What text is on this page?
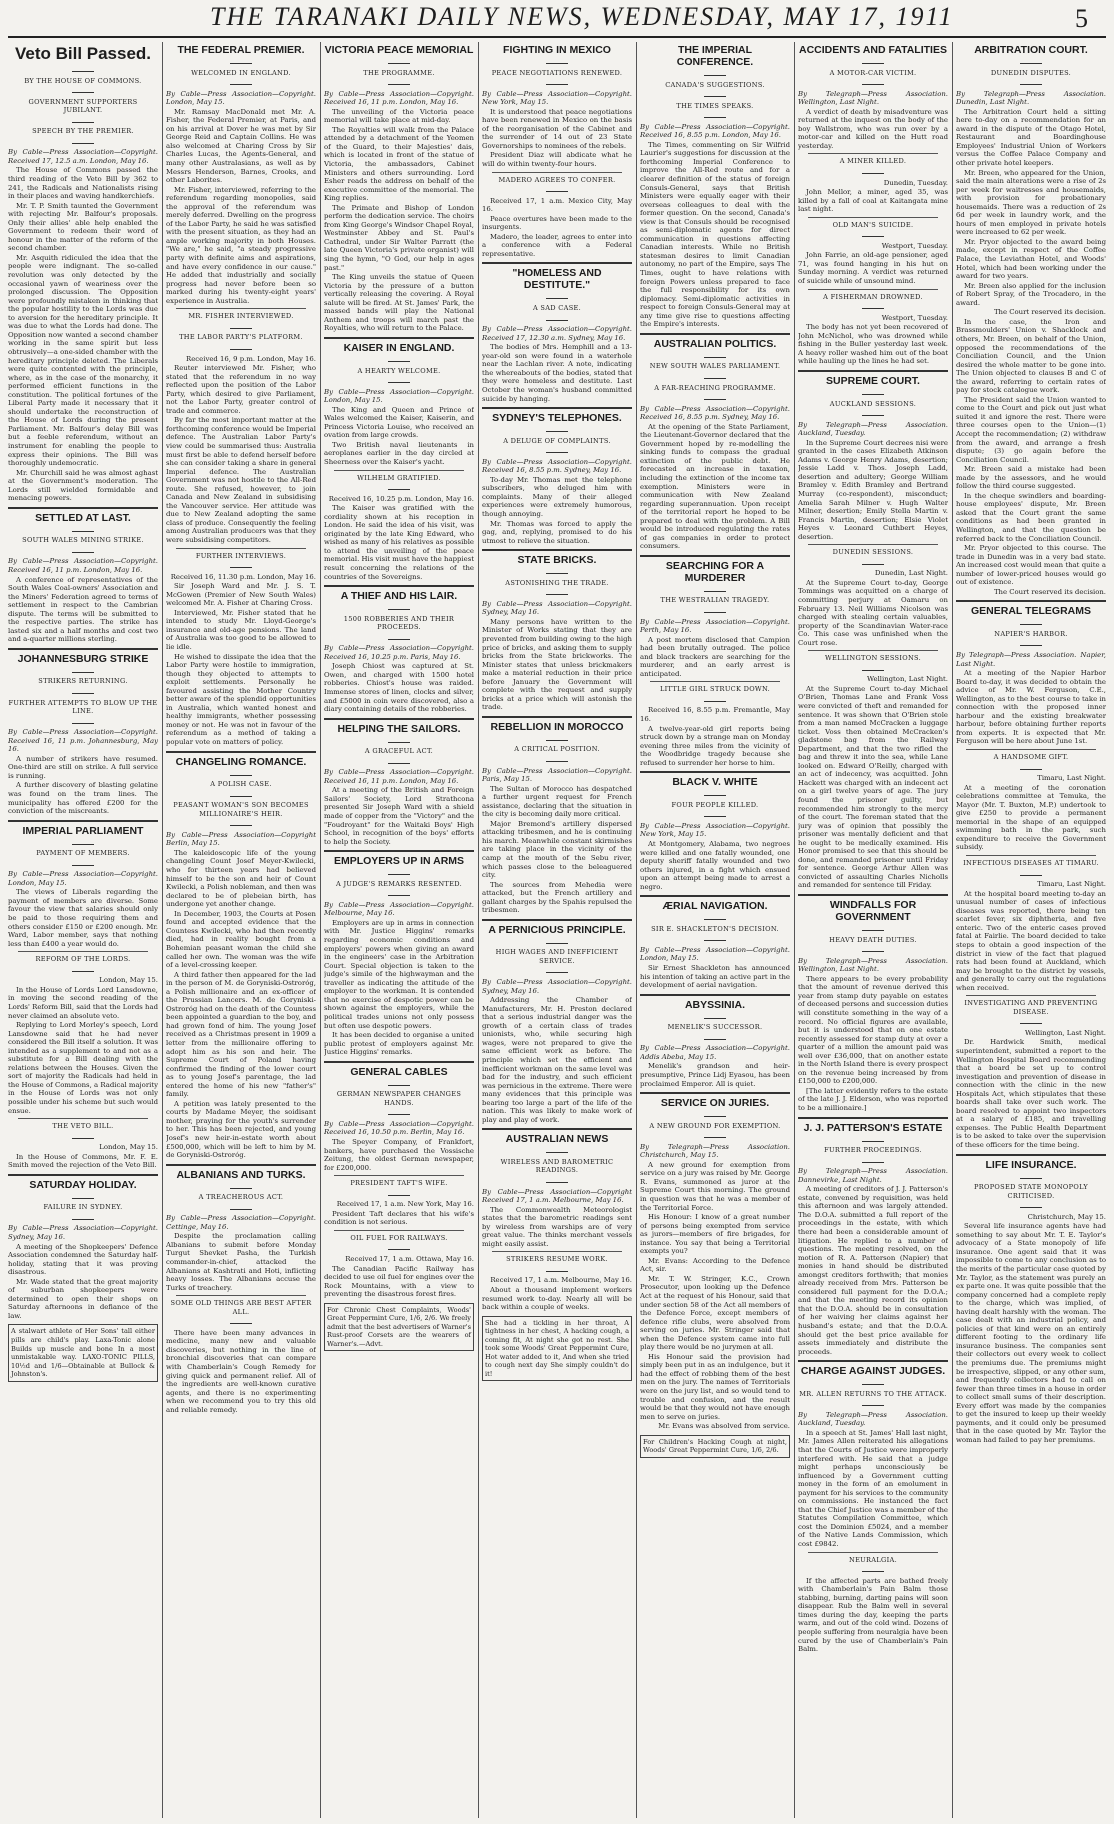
THE TARANAKI DAILY NEWS, WEDNESDAY, MAY 17, 1911	5
Veto Bill Passed.
BY THE HOUSE OF COMMONS.
GOVERNMENT SUPPORTERS JUBILANT.
SPEECH BY THE PREMIER.

By Cable—Press Association—Copyright. Received 17, 12.5 a.m. London, May 16.

The House of Commons passed the third reading of the Veto Bill by 362 to 241, the Radicals and Nationalists rising in their places and waving handkerchiefs.

Mr. T. P. Smith taunted the Government with rejecting Mr. Balfour's proposals. Only their allies' able help enabled the Government to redeem their word of honour in the matter of the reform of the second chamber.

Mr. Asquith ridiculed the idea that the people were indignant. The so-called revolution was only detected by the occasional yawn of weariness over the prolonged discussion. The Opposition were profoundly mistaken in thinking that the popular hostility to the Lords was due to aversion for the hereditary principle. It was due to what the Lords had done. The Opposition now wanted a second chamber working in the same spirit but less obtrusively—a one-sided chamber with the hereditary principle deleted. The Liberals were quite contented with the principle, where, as in the case of the monarchy, it performed efficient functions in the constitution. The political fortunes of the Liberal Party made it necessary that it should undertake the reconstruction of the House of Lords during the present Parliament. Mr. Balfour's delay Bill was but a feeble referendum, without an instrument for enabling the people to express their opinions. The Bill was thoroughly undemocratic.

Mr. Churchill said he was almost aghast at the Government's moderation. The Lords still wielded formidable and menacing powers.

SETTLED AT LAST.
SOUTH WALES MINING STRIKE.

By Cable—Press Association—Copyright. Received 16, 11 p.m. London, May 16.

A conference of representatives of the South Wales Coal-owners' Association and the Miners' Federation agreed to terms of settlement in respect to the Cambrian dispute. The terms will be submitted to the respective parties. The strike has lasted six and a half months and cost two and a-quarter millions sterling.

JOHANNESBURG STRIKE
STRIKERS RETURNING.
FURTHER ATTEMPTS TO BLOW UP THE LINE.

By Cable—Press Association—Copyright. Received 16, 11 p.m. Johannesburg, May 16.

A number of strikers have resumed. One-third are still on strike. A full service is running.

A further discovery of blasting gelatine was found on the tram lines. The municipality has offered £200 for the conviction of the miscreants.

IMPERIAL PARLIAMENT
PAYMENT OF MEMBERS.

By Cable—Press Association—Copyright. London, May 15.

The views of Liberals regarding the payment of members are diverse. Some favour the view that salaries should only be paid to those requiring them and others consider £150 or £200 enough. Mr. Ward, Labor member, says that nothing less than £400 a year would do.

REFORM OF THE LORDS.

London, May 15.

In the House of Lords Lord Lansdowne, in moving the second reading of the Lords' Reform Bill, said that the Lords had never claimed an absolute veto.

Replying to Lord Morley's speech, Lord Lansdowne said that he had never considered the Bill itself a solution. It was intended as a supplement to and not as a substitute for a Bill dealing with the relations between the Houses. Given the sort of majority the Radicals had held in the House of Commons, a Radical majority in the House of Lords was not only possible under his scheme but such would ensue.

THE VETO BILL.

London, May 15.

In the House of Commons, Mr. F. E. Smith moved the rejection of the Veto Bill.

SATURDAY HOLIDAY.
FAILURE IN SYDNEY.

By Cable—Press Association—Copyright. Sydney, May 16.

A meeting of the Shopkeepers' Defence Association condemned the Saturday half-holiday, stating that it was proving disastrous.

Mr. Wade stated that the great majority of suburban shopkeepers were determined to open their shops on Saturday afternoons in defiance of the law.

A stalwart athlete of Her Sons' tall either pills are child's play. Laxa-Tonic alone Builds up muscle and bone In a most unmistakable way. LAXO-TONIC PILLS, 10½d and 1/6—Obtainable at Bullock & Johnston's.
THE FEDERAL PREMIER.
WELCOMED IN ENGLAND.

By Cable—Press Association—Copyright. London, May 15.

Mr. Ramsay MacDonald met Mr. A. Fisher, the Federal Premier, at Paris, and on his arrival at Dover he was met by Sir George Reid and Captain Collins. He was also welcomed at Charing Cross by Sir Charles Lucas, the Agents-General, and many other Australasians, as well as by Messrs Henderson, Barnes, Crooks, and other Laborites.

Mr. Fisher, interviewed, referring to the referendum regarding monopolies, said the approval of the referendum was merely deferred. Dwelling on the progress of the Labor Party, he said he was satisfied with the present situation, as they had an ample working majority in both Houses. "We are," he said, "a steady progressive party with definite aims and aspirations, and have every confidence in our cause." He added that industrially and socially progress had never before been so marked during his twenty-eight years' experience in Australia.

MR. FISHER INTERVIEWED.
THE LABOR PARTY'S PLATFORM.

Received 16, 9 p.m. London, May 16.

Reuter interviewed Mr. Fisher, who stated that the referendum in no way reflected upon the position of the Labor Party, which desired to give Parliament, not the Labor Party, greater control of trade and commerce.

By far the most important matter at the forthcoming conference would be Imperial defence. The Australian Labor Party's view could be summarised thus: Australia must first be able to defend herself before she can consider taking a share in general Imperial defence. The Australian Government was not hostile to the All-Red route. She refused, however, to join Canada and New Zealand in subsidising the Vancouver service. Her attitude was due to New Zealand adopting the same class of produce. Consequently the feeling among Australian producers was that they were subsidising competitors.

FURTHER INTERVIEWS.

Received 16, 11.30 p.m. London, May 16.

Sir Joseph Ward and Mr. J. S. T. McGowen (Premier of New South Wales) welcomed Mr. A. Fisher at Charing Cross.

Interviewed, Mr. Fisher stated that he intended to study Mr. Lloyd-George's insurance and old-age pensions. The land of Australia was too good to be allowed to lie idle.

He wished to dissipate the idea that the Labor Party were hostile to immigration, though they objected to attempts to exploit settlements. Personally he favoured assisting the Mother Country better aware of the splendid opportunities in Australia, which wanted honest and healthy immigrants, whether possessing money or not. He was not in favour of the referendum as a method of taking a popular vote on matters of policy.

CHANGELING ROMANCE.
A POLISH CASE.
PEASANT WOMAN'S SON BECOMES MILLIONAIRE'S HEIR.

By Cable—Press Association—Copyright Berlin, May 15.

The kaleidoscopic life of the young changeling Count Josef Meyer-Kwilecki, who for thirteen years had believed himself to be the son and heir of Count Kwilecki, a Polish nobleman, and then was declared to be of plebeian birth, has undergone yet another change.

In December, 1903, the Courts at Posen found and accepted evidence that the Countess Kwilecki, who had then recently died, had in reality bought from a Bohemian peasant woman the child she called her own. The woman was the wife of a level-crossing keeper.

A third father then appeared for the lad in the person of M. de Goryniski-Ostroróg, a Polish millionaire and an ex-officer of the Prussian Lancers. M. de Goryniski-Ostroróg had on the death of the Countess been appointed a guardian to the boy, and had grown fond of him. The young Josef received as a Christmas present in 1909 a letter from the millionaire offering to adopt him as his son and heir. The Supreme Court of Poland having confirmed the finding of the lower court as to young Josef's parentage, the lad entered the home of his new "father's" family.

A petition was lately presented to the courts by Madame Meyer, the soidisant mother, praying for the youth's surrender to her. This has been rejected, and young Josef's new heir-in-estate worth about £500,000, which will be left to him by M. de Goryniski-Ostroróg.

ALBANIANS AND TURKS.
A TREACHEROUS ACT.

By Cable—Press Association—Copyright. Cettinge, May 16.

Despite the proclamation calling Albanians to submit before Monday Turgut Shevket Pasha, the Turkish commander-in-chief, attacked the Albanians at Kashtrati and Hoti, inflicting heavy losses. The Albanians accuse the Turks of treachery.

SOME OLD THINGS ARE BEST AFTER ALL.

There have been many advances in medicine, many new and valuable discoveries, but nothing in the line of bronchial discoveries that can compare with Chamberlain's Cough Remedy for giving quick and permanent relief. All of the ingredients are well-known curative agents, and there is no experimenting when we recommend you to try this old and reliable remedy.

VICTORIA PEACE MEMORIAL
THE PROGRAMME.

By Cable—Press Association—Copyright. Received 16, 11 p.m. London, May 16.

The unveiling of the Victoria peace memorial will take place at mid-day.

The Royalties will walk from the Palace attended by a detachment of the Yeomen of the Guard, to their Majesties' dais, which is located in front of the statue of Victoria, the ambassadors, Cabinet Ministers and others surrounding. Lord Esher reads the address on behalf of the executive committee of the memorial. The King replies.

The Primate and Bishop of London perform the dedication service. The choirs from King George's Windsor Chapel Royal, Westminster Abbey and St. Paul's Cathedral, under Sir Walter Parratt (the late Queen Victoria's private organist) will sing the hymn, "O God, our help in ages past."

The King unveils the statue of Queen Victoria by the pressure of a button vertically releasing the covering. A Royal salute will be fired. At St. James' Park, the massed bands will play the National Anthem and troops will march past the Royalties, who will return to the Palace.

KAISER IN ENGLAND.
A HEARTY WELCOME.

By Cable—Press Association—Copyright. London, May 15.

The King and Queen and Prince of Wales welcomed the Kaiser, Kaiserin, and Princess Victoria Louise, who received an ovation from large crowds.

Two British naval lieutenants in aeroplanes earlier in the day circled at Sheerness over the Kaiser's yacht.

WILHELM GRATIFIED.

Received 16, 10.25 p.m. London, May 16.

The Kaiser was gratified with the cordiality shown at his reception in London. He said the idea of his visit, was originated by the late King Edward, who wished as many of his relatives as possible to attend the unveiling of the peace memorial. His visit must have the happiest result concerning the relations of the countries of the Sovereigns.

A THIEF AND HIS LAIR.
1500 ROBBERIES AND THEIR PROCEEDS.

By Cable—Press Association—Copyright. Received 16, 10.25 p.m. Paris, May 16.

Joseph Chiost was captured at St. Owen, and charged with 1500 hotel robberies. Chiost's house was raided. Immense stores of linen, clocks and silver, and £5000 in coin were discovered, also a diary containing details of the robberies.

HELPING THE SAILORS.
A GRACEFUL ACT.

By Cable—Press Association—Copyright. Received 16, 11 p.m. London, May 16.

At a meeting of the British and Foreign Sailors' Society, Lord Strathcona presented Sir Joseph Ward with a shield made of copper from the "Victory" and the "Foudroyant" for the Waitaki Boys' High School, in recognition of the boys' efforts to help the Society.

EMPLOYERS UP IN ARMS
A JUDGE'S REMARKS RESENTED.

By Cable—Press Association—Copyright. Melbourne, May 16.

Employers are up in arms in connection with Mr. Justice Higgins' remarks regarding economic conditions and employers' powers when giving an award in the engineers' case in the Arbitration Court. Special objection is taken to the judge's simile of the highwayman and the traveller as indicating the attitude of the employer to the workman. It is contended that no exercise of despotic power can be shown against the employers, while the political trades unions not only possess but often use despotic powers.

It has been decided to organise a united public protest of employers against Mr. Justice Higgins' remarks.

GENERAL CABLES
GERMAN NEWSPAPER CHANGES HANDS.

By Cable—Press Association—Copyright. Received 16, 10.50 p.m. Berlin, May 16.

The Speyer Company, of Frankfort, bankers, have purchased the Vossische Zeitung, the oldest German newspaper, for £200,000.

PRESIDENT TAFT'S WIFE.

Received 17, 1 a.m. New York, May 16.

President Taft declares that his wife's condition is not serious.

OIL FUEL FOR RAILWAYS.

Received 17, 1 a.m. Ottawa, May 16.

The Canadian Pacific Railway has decided to use oil fuel for engines over the Rock Mountains, with a view to preventing the disastrous forest fires.

For Chronic Chest Complaints, Woods' Great Peppermint Cure, 1/6, 2/6. We freely admit that the best advertisers of Warner's Rust-proof Corsets are the wearers of Warner's.—Advt.
FIGHTING IN MEXICO
PEACE NEGOTIATIONS RENEWED.

By Cable—Press Association—Copyright. New York, May 15.

It is understood that peace negotiations have been renewed in Mexico on the basis of the reorganisation of the Cabinet and the surrender of 14 out of 23 State Governorships to nominees of the rebels.

President Diaz will abdicate what he will do within twenty-four hours.

MADERO AGREES TO CONFER.

Received 17, 1 a.m. Mexico City, May 16.

Peace overtures have been made to the insurgents.

Madero, the leader, agrees to enter into a conference with a Federal representative.

"HOMELESS AND DESTITUTE."
A SAD CASE.

By Cable—Press Association—Copyright. Received 17, 12.30 a.m. Sydney, May 16.

The bodies of Mrs. Hemphill and a 13-year-old son were found in a waterhole near the Lachlan river. A note, indicating the whereabouts of the bodies, stated that they were homeless and destitute. Last October the woman's husband committed suicide by hanging.

SYDNEY'S TELEPHONES.
A DELUGE OF COMPLAINTS.

By Cable—Press Association—Copyright. Received 16, 8.55 p.m. Sydney, May 16.

To-day Mr. Thomas met the telephone subscribers, who deluged him with complaints. Many of their alleged experiences were extremely humorous, though annoying.

Mr. Thomas was forced to apply the gag, and, replying, promised to do his utmost to relieve the situation.

STATE BRICKS.
ASTONISHING THE TRADE.

By Cable—Press Association—Copyright. Sydney, May 16.

Many persons have written to the Minister of Works stating that they are prevented from building owing to the high price of bricks, and asking them to supply bricks from the State brickworks. The Minister states that unless brickmakers make a material reduction in their price before January the Government will complete with the request and supply bricks at a price which will astonish the trade.

REBELLION IN MOROCCO
A CRITICAL POSITION.

By Cable—Press Association—Copyright. Paris, May 15.

The Sultan of Morocco has despatched a further urgent request for French assistance, declaring that the situation in the city is becoming daily more critical.

Major Bremond's artillery dispersed attacking tribesmen, and he is continuing his march. Meanwhile constant skirmishes are taking place in the vicinity of the camp at the mouth of the Sebu river, which passes close to the beleaguered city.

The sources from Mehedia were attacked, but the French artillery and gallant charges by the Spahis repulsed the tribesmen.

A PERNICIOUS PRINCIPLE.
HIGH WAGES AND INEFFICIENT SERVICE.

By Cable—Press Association—Copyright. Sydney, May 16.

Addressing the Chamber of Manufacturers, Mr. H. Preston declared that a serious industrial danger was the growth of a certain class of trades unionists, who, while securing high wages, were not prepared to give the same efficient work as before. The principle which set the efficient and inefficient workman on the same level was bad for the industry, and such efficient was pernicious in the extreme. There were many evidences that this principle was bearing too large a part of the life of the nation. This was likely to make work of play and play of work.

AUSTRALIAN NEWS
WIRELESS AND BAROMETRIC READINGS.

By Cable—Press Association—Copyright Received 17, 1 a.m. Melbourne, May 16.

The Commonwealth Meteorologist states that the barometric readings sent by wireless from warships are of very great value. The thinks merchant vessels might easily assist.

STRIKERS RESUME WORK.

Received 17, 1 a.m. Melbourne, May 16.

About a thousand implement workers resumed work to-day. Nearly all will be back within a couple of weeks.

She had a tickling in her throat, A tightness in her chest, A hacking cough, a coming fit, At night she got no rest. She took some Woods' Great Peppermint Cure, Hot water added to it, And when she tried to cough next day She simply couldn't do it!
THE IMPERIAL CONFERENCE.
CANADA'S SUGGESTIONS.
THE TIMES SPEAKS.

By Cable—Press Association—Copyright. Received 16, 8.55 p.m. London, May 16.

The Times, commenting on Sir Wilfrid Laurier's suggestions for discussion at the forthcoming Imperial Conference to improve the All-Red route and for a clearer definition of the status of foreign Consuls-General, says that British Ministers were equally eager with their overseas colleagues to deal with the former question. On the second, Canada's view is that Consuls should be recognised as semi-diplomatic agents for direct communication in questions affecting Canadian interests. While no British statesman desires to limit Canadian autonomy, no part of the Empire, says The Times, ought to have relations with foreign Powers unless prepared to face the full responsibility for its own diplomacy. Semi-diplomatic activities in respect to foreign Consuls-General may at any time give rise to questions affecting the Empire's interests.

AUSTRALIAN POLITICS.
NEW SOUTH WALES PARLIAMENT.
A FAR-REACHING PROGRAMME.

By Cable—Press Association—Copyright. Received 16, 8.55 p.m. Sydney, May 16.

At the opening of the State Parliament, the Lieutenant-Governor declared that the Government hoped by re-modelling the sinking funds to compass the gradual extinction of the public debt. He forecasted an increase in taxation, including the extinction of the income tax exemption. Ministers were in communication with New Zealand regarding superannuation. Upon receipt of the territorial report he hoped to be prepared to deal with the problem. A Bill would be introduced regulating the rates of gas companies in order to protect consumers.

SEARCHING FOR A MURDERER
THE WESTRALIAN TRAGEDY.

By Cable—Press Association—Copyright. Perth, May 16.

A post mortem disclosed that Campion had been brutally outraged. The police and black trackers are searching for the murderer, and an early arrest is anticipated.

LITTLE GIRL STRUCK DOWN.

Received 16, 8.55 p.m. Fremantle, May 16.

A twelve-year-old girl reports being struck down by a strange man on Monday evening three miles from the vicinity of the Woodbridge tragedy because she refused to surrender her horse to him.

BLACK V. WHITE
FOUR PEOPLE KILLED.

By Cable—Press Association—Copyright. New York, May 15.

At Montgomery, Alabama, two negroes were killed and one fatally wounded, one deputy sheriff fatally wounded and two others injured, in a fight which ensued upon an attempt being made to arrest a negro.

ÆRIAL NAVIGATION.
SIR E. SHACKLETON'S DECISION.

By Cable—Press Association—Copyright. London, May 15.

Sir Ernest Shackleton has announced his intention of taking an active part in the development of aerial navigation.

ABYSSINIA.
MENELIK'S SUCCESSOR.

By Cable—Press Association—Copyright. Addis Abeba, May 15.

Menelik's grandson and heir-presumptive, Prince Lidj Eyasou, has been proclaimed Emperor. All is quiet.

SERVICE ON JURIES.
A NEW GROUND FOR EXEMPTION.

By Telegraph—Press Association. Christchurch, May 15.

A new ground for exemption from service on a jury was raised by Mr. George R. Evans, summoned as juror at the Supreme Court this morning. The ground in question was that he was a member of the Territorial Force.

His Honour: I know of a great number of persons being exempted from service as jurors—members of fire brigades, for instance. You say that being a Territorial exempts you?

Mr. Evans: According to the Defence Act, sir.

Mr. T. W. Stringer, K.C., Crown Prosecutor, upon looking up the Defence Act at the request of his Honour, said that under section 58 of the Act all members of the Defence Force, except members of defence rifle clubs, were absolved from serving on juries. Mr. Stringer said that when the Defence system came into full play there would be no jurymen at all.

His Honour said the provision had simply been put in as an indulgence, but it had the effect of robbing them of the best men on the jury. The names of Territorials were on the jury list, and so would tend to trouble and confusion, and the result would be that they would not have enough men to serve on juries.

Mr. Evans was absolved from service.

For Children's Hacking Cough at night, Woods' Great Peppermint Cure, 1/6, 2/6.
ACCIDENTS AND FATALITIES
A MOTOR-CAR VICTIM.

By Telegraph—Press Association. Wellington, Last Night.

A verdict of death by misadventure was returned at the inquest on the body of the boy Wallstrom, who was run over by a motor-car and killed on the Hutt road yesterday.

A MINER KILLED.

Dunedin, Tuesday.

John Mellor, a miner, aged 35, was killed by a fall of coal at Kaitangata mine last night.

OLD MAN'S SUICIDE.

Westport, Tuesday.

John Farrie, an old-age pensioner, aged 71, was found hanging in his hut on Sunday morning. A verdict was returned of suicide while of unsound mind.

A FISHERMAN DROWNED.

Westport, Tuesday.

The body has not yet been recovered of John McNichol, who was drowned while fishing in the Buller yesterday last week. A heavy roller washed him out of the boat while hauling up the lines he had set.

SUPREME COURT.
AUCKLAND SESSIONS.

By Telegraph—Press Association. Auckland, Tuesday.

In the Supreme Court decrees nisi were granted in the cases Elizabeth Atkinson Adams v. George Henry Adams, desertion; Jessie Ladd v. Thos. Joseph Ladd, desertion and adultery; George William Bramley v. Edith Bramley and Bertrand Murray (co-respondent), misconduct; Amelia Sarah Milner v. Hugh Walter Milner, desertion; Emily Stella Martin v. Francis Martin, desertion; Elsie Violet Heyes v. Leonard Cuthbert Heyes, desertion.

DUNEDIN SESSIONS.

Dunedin, Last Night.

At the Supreme Court to-day, George Tommings was acquitted on a charge of committing perjury at Oamaru on February 13. Neil Williams Nicolson was charged with stealing certain valuables, property of the Scandinavian Water-race Co. This case was unfinished when the Court rose.

WELLINGTON SESSIONS.

Wellington, Last Night.

At the Supreme Court to-day Michael O'Brien, Thomas Lane and Frank Voss were convicted of theft and remanded for sentence. It was shown that O'Brien stole from a man named McCracken a luggage ticket. Voss then obtained McCracken's gladstone bag from the Railway Department, and that the two rifled the bag and threw it into the sea, while Lane looked on. Edward O'Reilly, charged with an act of indecency, was acquitted. John Hackett was charged with an indecent act on a girl twelve years of age. The jury found the prisoner guilty, but recommended him strongly to the mercy of the court. The foreman stated that the jury was of opinion that possibly the prisoner was mentally deficient and that he ought to be medically examined. His Honor promised to see that this should be done, and remanded prisoner until Friday for sentence. George Arthur Allen was convicted of assaulting Charles Nicholls and remanded for sentence till Friday.

WINDFALLS FOR GOVERNMENT
HEAVY DEATH DUTIES.

By Telegraph—Press Association. Wellington, Last Night.

There appears to be every probability that the amount of revenue derived this year from stamp duty payable on estates of deceased persons and succession duties will constitute something in the way of a record. No official figures are available, but it is understood that on one estate recently assessed for stamp duty at over a quarter of a million the amount paid was well over £36,000, that on another estate in the North Island there is every prospect on the revenue being increased by from £150,000 to £200,000.

[The latter evidently refers to the estate of the late J. J. Elderson, who was reported to be a millionaire.]

J. J. PATTERSON'S ESTATE
FURTHER PROCEEDINGS.

By Telegraph—Press Association. Dannevirke, Last Night.

A meeting of creditors of J. J. Patterson's estate, convened by requisition, was held this afternoon and was largely attended. The D.O.A. submitted a full report of the proceedings in the estate, with which there had been a considerable amount of litigation. He replied to a number of questions. The meeting resolved, on the motion of R. A. Patterson (Napier) that monies in hand should be distributed amongst creditors forthwith; that monies already received from Mrs. Patterson be considered full payment for the D.O.A.; and that the meeting record its opinion that the D.O.A. should be in consultation of her waiving her claims against her husband's estate; and that the D.O.A. should get the best price available for assets immediately and distribute the proceeds.

CHARGE AGAINST JUDGES.
MR. ALLEN RETURNS TO THE ATTACK.

By Telegraph—Press Association. Auckland, Tuesday.

In a speech at St. James' Hall last night, Mr. James Allen reiterated his allegations that the Courts of Justice were improperly interfered with. He said that a judge might perhaps unconsciously be influenced by a Government cutting money in the form of an emolument in payment for his services to the community on commissions. He instanced the fact that the Chief Justice was a member of the Statutes Compilation Committee, which cost the Dominion £5024, and a member of the Native Lands Commission, which cost £9842.

NEURALGIA.

If the affected parts are bathed freely with Chamberlain's Pain Balm those stabbing, burning, darting pains will soon disappear. Rub the Balm well in several times during the day, keeping the parts warm, and out of the cold wind. Dozens of people suffering from neuralgia have been cured by the use of Chamberlain's Pain Balm.

ARBITRATION COURT.
DUNEDIN DISPUTES.

By Telegraph—Press Association. Dunedin, Last Night.

The Arbitration Court held a sitting here to-day on a recommendation for an award in the dispute of the Otago Hotel, Restaurant and Boardinghouse Employees' Industrial Union of Workers versus the Coffee Palace Company and other private hotel keepers.

Mr. Breen, who appeared for the Union, said the main alterations were a rise of 2s per week for waitresses and housemaids, with provision for probationary housemaids. There was a reduction of 2s 6d per week in laundry work, and the hours of men employed in private hotels were increased to 62 per week.

Mr. Pryor objected to the award being made, except in respect of the Coffee Palace, the Leviathan Hotel, and Woods' Hotel, which had been working under the award for two years.

Mr. Breen also applied for the inclusion of Robert Spray, of the Trocadero, in the award.

The Court reserved its decision.

In the case, the Iron and Brassmoulders' Union v. Shacklock and others, Mr. Breen, on behalf of the Union, opposed the recommendations of the Conciliation Council, and the Union desired the whole matter to be gone into. The Union objected to clauses B and C of the award, referring to certain rates of pay for stock catalogue work.

The President said the Union wanted to come to the Court and pick out just what suited it and ignore the rest. There were three courses open to the Union—(1) Accept the recommendation; (2) withdraw from the award, and arrange a fresh dispute; (3) go again before the Conciliation Council.

Mr. Breen said a mistake had been made by the assessors, and he would follow the third course suggested.

In the cheque swindlers and boarding-house employees' dispute, Mr. Breen asked that the Court grant the same conditions as had been granted in Wellington, and that the question be referred back to the Conciliation Council.

Mr. Pryor objected to this course. The trade in Dunedin was in a very bad state. An increased cost would mean that quite a number of lower-priced houses would go out of existence.

The Court reserved its decision.

GENERAL TELEGRAMS
NAPIER'S HARBOR.

By Telegraph—Press Association. Napier, Last Night.

At a meeting of the Napier Harbor Board to-day, it was decided to obtain the advice of Mr. W. Ferguson, C.E., Wellington, as to the best course to take in connection with the proposed inner harbour and the existing breakwater harbour, before obtaining further reports from experts. It is expected that Mr. Ferguson will be here about June 1st.

A HANDSOME GIFT.

Timaru, Last Night.

At a meeting of the coronation celebrations committee at Temuka, the Mayor (Mr. T. Buxton, M.P.) undertook to give £250 to provide a permanent memorial in the shape of an equipped swimming bath in the park, such expenditure to receive the Government subsidy.

INFECTIOUS DISEASES AT TIMARU.

Timaru, Last Night.

At the hospital board meeting to-day an unusual number of cases of infectious diseases was reported, there being ten scarlet fever, six diphtheria, and five enteric. Two of the enteric cases proved fatal at Fairlie. The board decided to take steps to obtain a good inspection of the district in view of the fact that plagued rats had been found at Auckland, which may be brought to the district by vessels, and generally to carry out the regulations when received.

INVESTIGATING AND PREVENTING DISEASE.

Wellington, Last Night.

Dr. Hardwick Smith, medical superintendent, submitted a report to the Wellington Hospital Board recommending that a board be set up to control investigation and prevention of disease in connection with the clinic in the new Hospitals Act, which stipulates that these boards shall take over such work. The board resolved to appoint two inspectors at a salary of £185, and travelling expenses. The Public Health Department is to be asked to take over the supervision of these officers for the time being.

LIFE INSURANCE.
PROPOSED STATE MONOPOLY CRITICISED.

Christchurch, May 15.

Several life insurance agents have had something to say about Mr. T. E. Taylor's advocacy of a State monopoly of life insurance. One agent said that it was impossible to come to any conclusion as to the merits of the particular case quoted by Mr. Taylor, as the statement was purely an ex parte one. It was quite possible that the company concerned had a complete reply to the charge, which was implied, of having dealt harshly with the woman. The case dealt with an industrial policy, and policies of that kind were on an entirely different footing to the ordinary life insurance business. The companies sent their collectors out every week to collect the premiums due. The premiums might be irrespective, slipped, or any other sum, and frequently collectors had to call on fewer than three times in a house in order to collect small sums of their description. Every effort was made by the companies to get the insured to keep up their weekly payments, and it could only be presumed that in the case quoted by Mr. Taylor the woman had failed to pay her premiums.
